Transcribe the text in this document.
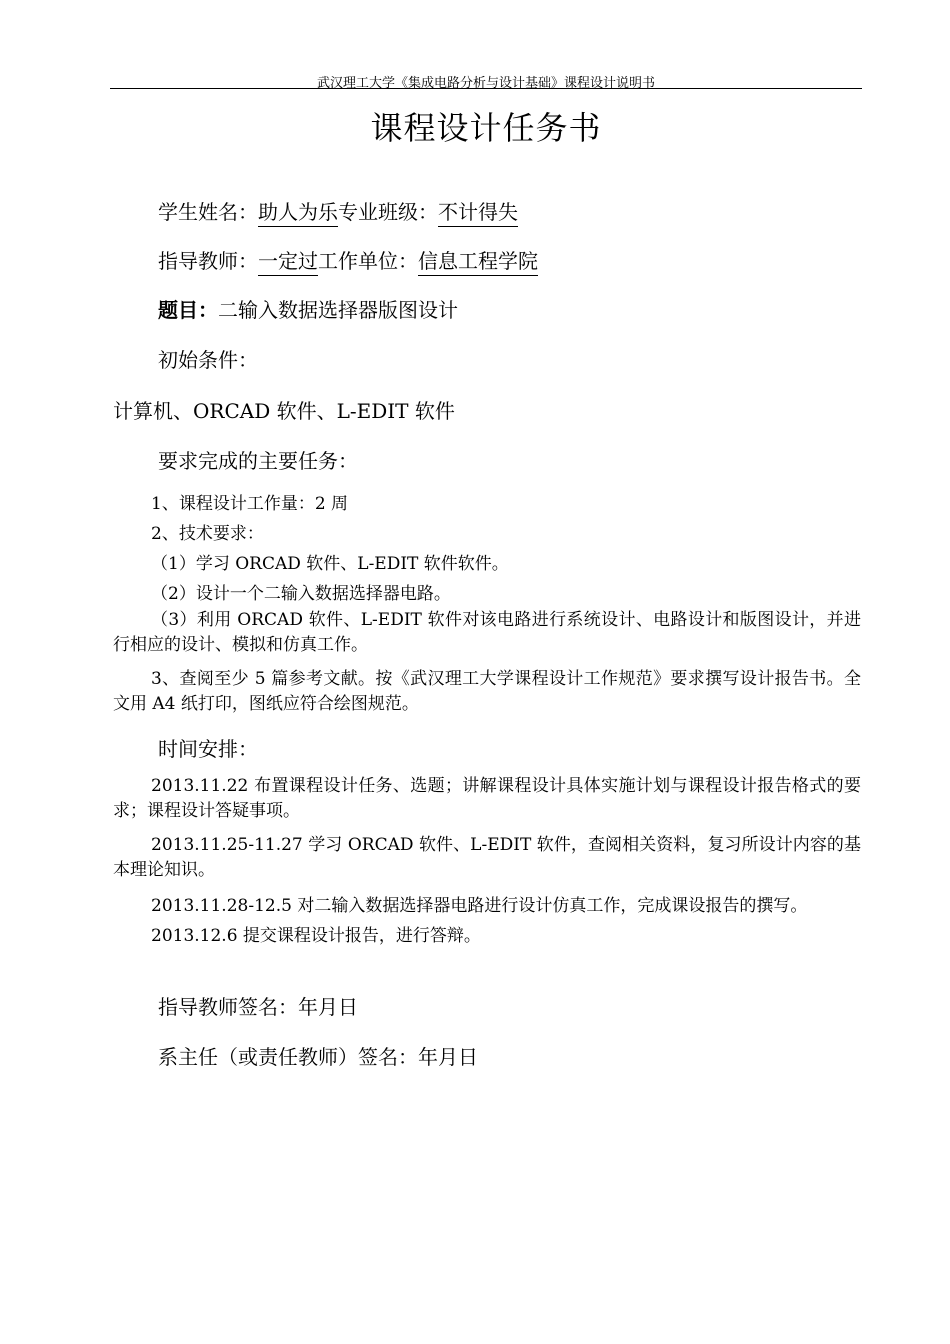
武汉理工大学《集成电路分析与设计基础》课程设计说明书
课程设计任务书
学生姓名：助人为乐专业班级：不计得失
指导教师：一定过工作单位：信息工程学院
题目：二输入数据选择器版图设计
初始条件：
计算机、ORCAD 软件、L-EDIT 软件
要求完成的主要任务：
1、课程设计工作量：2 周
2、技术要求：
（1）学习 ORCAD 软件、L-EDIT 软件软件。
（2）设计一个二输入数据选择器电路。
（3）利用 ORCAD 软件、L-EDIT 软件对该电路进行系统设计、电路设计和版图设计，并进行相应的设计、模拟和仿真工作。
3、查阅至少 5 篇参考文献。按《武汉理工大学课程设计工作规范》要求撰写设计报告书。全文用 A4 纸打印，图纸应符合绘图规范。
时间安排：
2013.11.22 布置课程设计任务、选题；讲解课程设计具体实施计划与课程设计报告格式的要求；课程设计答疑事项。
2013.11.25-11.27 学习 ORCAD 软件、L-EDIT 软件，查阅相关资料，复习所设计内容的基本理论知识。
2013.11.28-12.5 对二输入数据选择器电路进行设计仿真工作，完成课设报告的撰写。
2013.12.6 提交课程设计报告，进行答辩。
指导教师签名：年月日
系主任（或责任教师）签名：年月日
